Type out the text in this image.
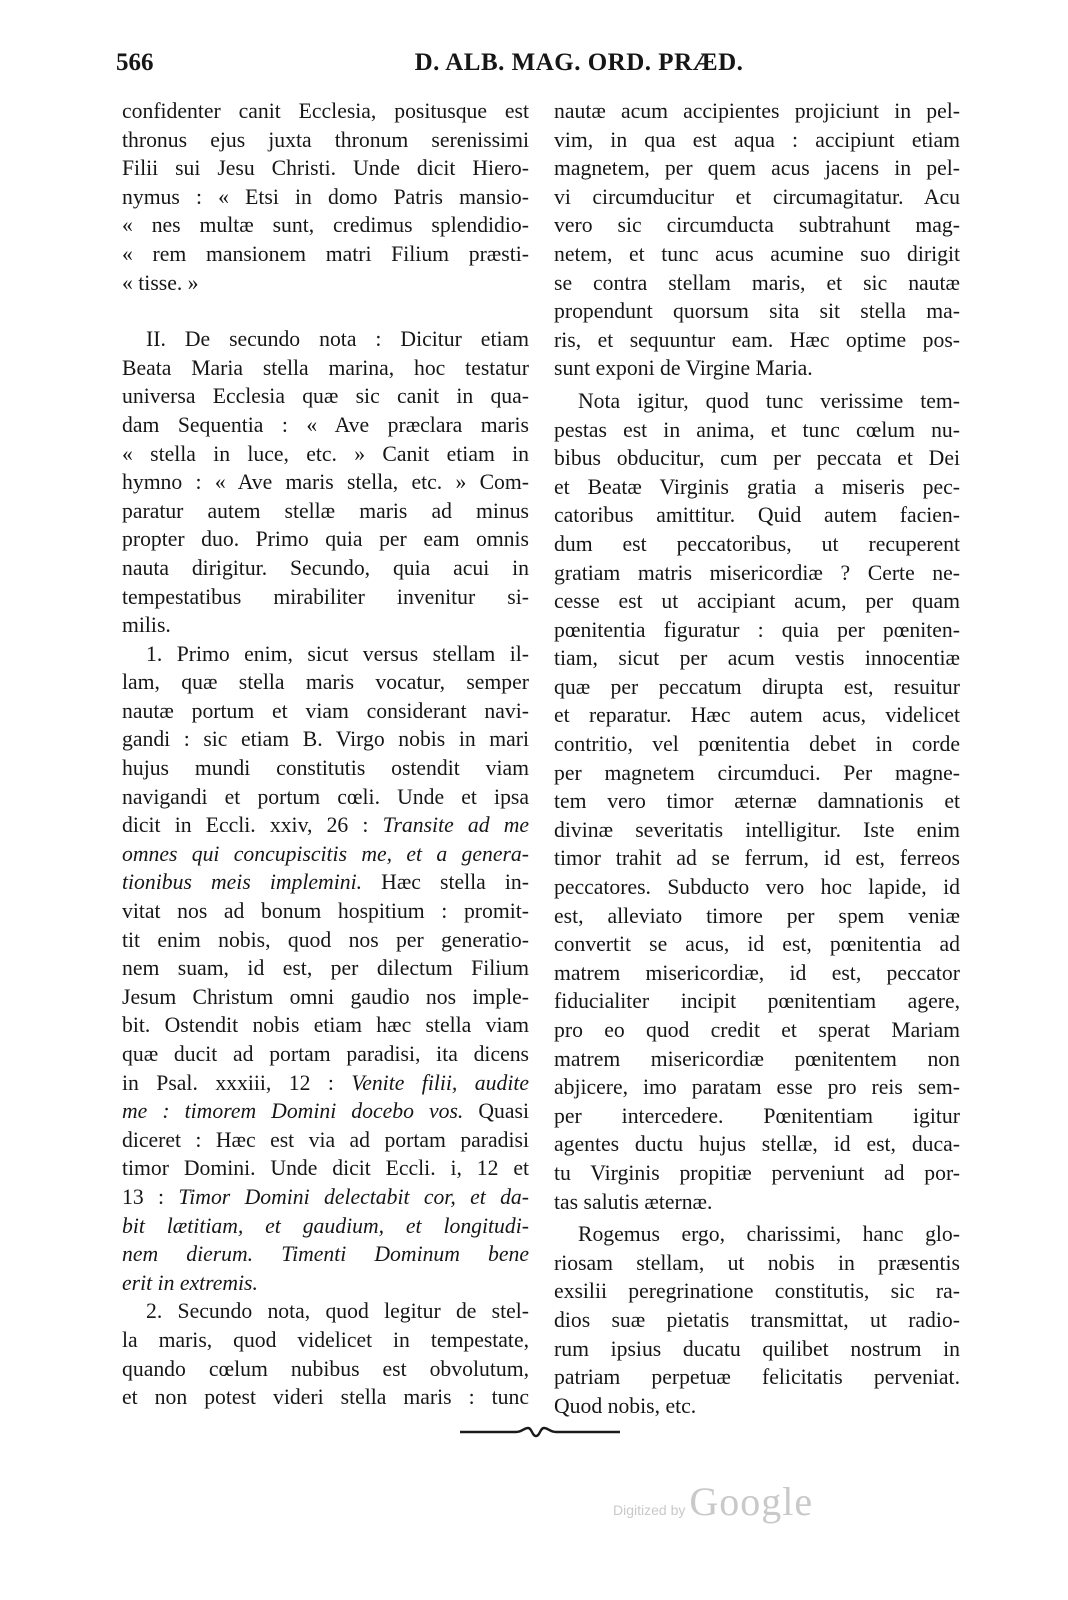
566	D. ALB. MAG. ORD. PRÆD.

confidenter canit Ecclesia, positusque est
thronus ejus juxta thronum serenissimi
Filii sui Jesu Christi. Unde dicit Hiero-
nymus : « Etsi in domo Patris mansio-
« nes multæ sunt, credimus splendidio-
« rem mansionem matri Filium præsti-
« tisse. »

II. De secundo nota : Dicitur etiam
Beata Maria stella marina, hoc testatur
universa Ecclesia quæ sic canit in qua-
dam Sequentia : « Ave præclara maris
« stella in luce, etc. » Canit etiam in
hymno : « Ave maris stella, etc. » Com-
paratur autem stellæ maris ad minus
propter duo. Primo quia per eam omnis
nauta dirigitur. Secundo, quia acui in
tempestatibus mirabiliter invenitur si-
milis.

1. Primo enim, sicut versus stellam il-
lam, quæ stella maris vocatur, semper
nautæ portum et viam considerant navi-
gandi : sic etiam B. Virgo nobis in mari
hujus mundi constitutis ostendit viam
navigandi et portum cœli. Unde et ipsa
dicit in Eccli. xxiv, 26 : Transite ad me
omnes qui concupiscitis me, et a genera-
tionibus meis implemini. Hæc stella in-
vitat nos ad bonum hospitium : promit-
tit enim nobis, quod nos per generatio-
nem suam, id est, per dilectum Filium
Jesum Christum omni gaudio nos imple-
bit. Ostendit nobis etiam hæc stella viam
quæ ducit ad portam paradisi, ita dicens
in Psal. xxxiii, 12 : Venite filii, audite
me : timorem Domini docebo vos. Quasi
diceret : Hæc est via ad portam paradisi
timor Domini. Unde dicit Eccli. i, 12 et
13 : Timor Domini delectabit cor, et da-
bit lætitiam, et gaudium, et longitudi-
nem dierum. Timenti Dominum bene
erit in extremis.

2. Secundo nota, quod legitur de stel-
la maris, quod videlicet in tempestate,
quando cœlum nubibus est obvolutum,
et non potest videri stella maris : tunc

nautæ acum accipientes projiciunt in pel-
vim, in qua est aqua : accipiunt etiam
magnetem, per quem acus jacens in pel-
vi circumducitur et circumagitatur. Acu
vero sic circumducta subtrahunt mag-
netem, et tunc acus acumine suo dirigit
se contra stellam maris, et sic nautæ
propendunt quorsum sita sit stella ma-
ris, et sequuntur eam. Hæc optime pos-
sunt exponi de Virgine Maria.

Nota igitur, quod tunc verissime tem-
pestas est in anima, et tunc cœlum nu-
bibus obducitur, cum per peccata et Dei
et Beatæ Virginis gratia a miseris pec-
catoribus amittitur. Quid autem facien-
dum est peccatoribus, ut recuperent
gratiam matris misericordiæ ? Certe ne-
cesse est ut accipiant acum, per quam
pœnitentia figuratur : quia per pœniten-
tiam, sicut per acum vestis innocentiæ
quæ per peccatum dirupta est, resuitur
et reparatur. Hæc autem acus, videlicet
contritio, vel pœnitentia debet in corde
per magnetem circumduci. Per magne-
tem vero timor æternæ damnationis et
divinæ severitatis intelligitur. Iste enim
timor trahit ad se ferrum, id est, ferreos
peccatores. Subducto vero hoc lapide, id
est, alleviato timore per spem veniæ
convertit se acus, id est, pœnitentia ad
matrem misericordiæ, id est, peccator
fiducialiter incipit pœnitentiam agere,
pro eo quod credit et sperat Mariam
matrem misericordiæ pœnitentem non
abjicere, imo paratam esse pro reis sem-
per intercedere. Pœnitentiam igitur
agentes ductu hujus stellæ, id est, duca-
tu Virginis propitiæ perveniunt ad por-
tas salutis æternæ.

Rogemus ergo, charissimi, hanc glo-
riosam stellam, ut nobis in præsentis
exsilii peregrinatione constitutis, sic ra-
dios suæ pietatis transmittat, ut radio-
rum ipsius ducatu quilibet nostrum in
patriam perpetuæ felicitatis perveniat.
Quod nobis, etc.

Digitized by Google
